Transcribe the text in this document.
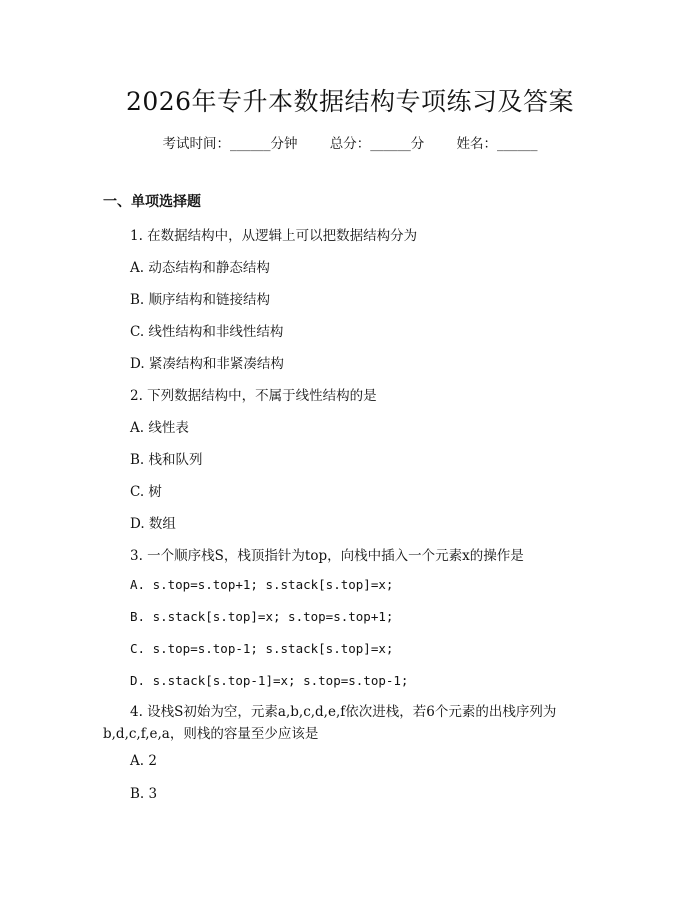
2026年专升本数据结构专项练习及答案
考试时间：______分钟 总分：______分 姓名：______
一、单项选择题
1. 在数据结构中，从逻辑上可以把数据结构分为
A. 动态结构和静态结构
B. 顺序结构和链接结构
C. 线性结构和非线性结构
D. 紧凑结构和非紧凑结构
2. 下列数据结构中，不属于线性结构的是
A. 线性表
B. 栈和队列
C. 树
D. 数组
3. 一个顺序栈S，栈顶指针为top，向栈中插入一个元素x的操作是
A. s.top=s.top+1; s.stack[s.top]=x;
B. s.stack[s.top]=x; s.top=s.top+1;
C. s.top=s.top-1; s.stack[s.top]=x;
D. s.stack[s.top-1]=x; s.top=s.top-1;
4. 设栈S初始为空，元素a,b,c,d,e,f依次进栈，若6个元素的出栈序列为b,d,c,f,e,a，则栈的容量至少应该是
A. 2
B. 3
